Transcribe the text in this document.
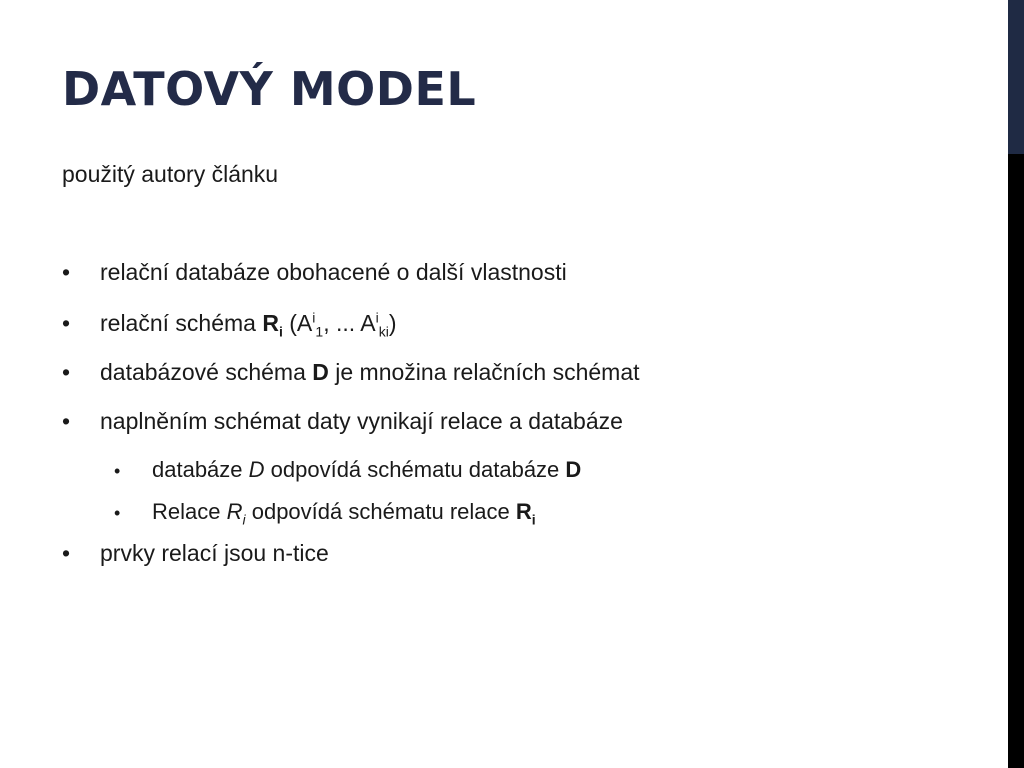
DATOVÝ MODEL
použitý autory článku
• relační databáze obohacené o další vlastnosti
• relační schéma $R_i$ ($A^i_1$, ... $A^i_{ki}$)
• databázové schéma D je množina relačních schémat
• naplněním schémat daty vynikají relace a databáze
• databáze D odpovídá schématu databáze D
• Relace $R_i$ odpovídá schématu relace $R_i$
• prvky relací jsou n-tice
